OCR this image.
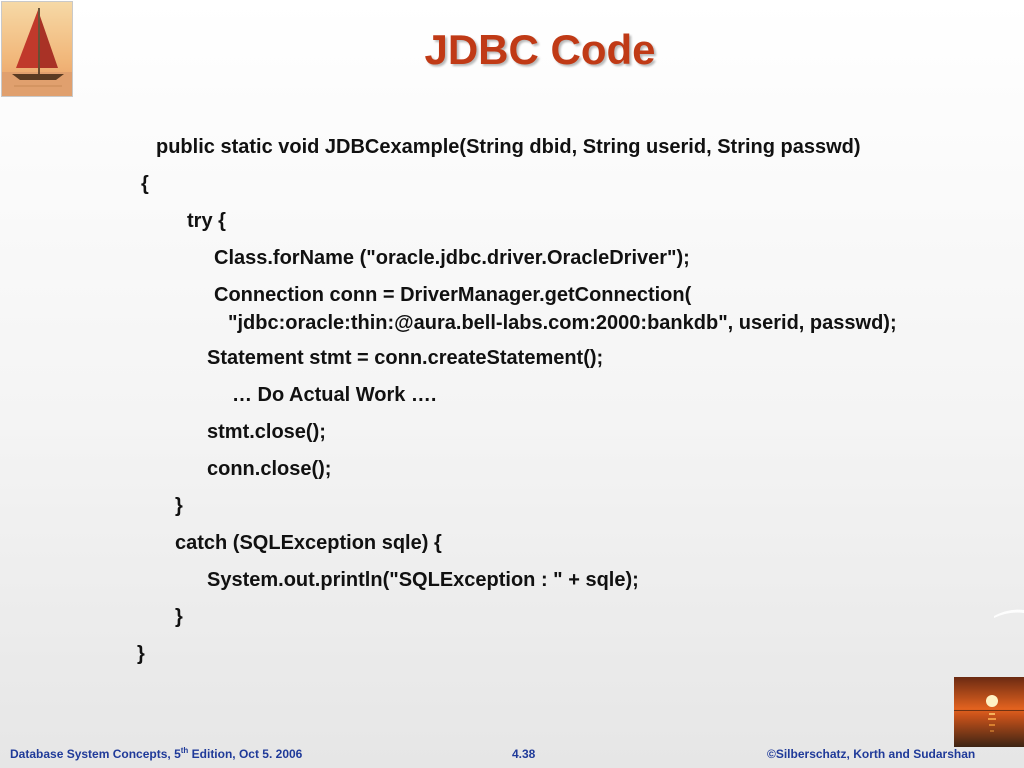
JDBC Code

public static void JDBCexample(String dbid, String userid, String passwd)

{

try {

Class.forName ("oracle.jdbc.driver.OracleDriver");

Connection conn = DriverManager.getConnection(

"jdbc:oracle:thin:@aura.bell-labs.com:2000:bankdb", userid, passwd);

Statement stmt = conn.createStatement();

… Do Actual Work ….

stmt.close();

conn.close();

}

catch (SQLException sqle) {

System.out.println("SQLException : " + sqle);

}

}

Database System Concepts, 5th Edition, Oct 5. 2006	4.38	©Silberschatz, Korth and Sudarshan
